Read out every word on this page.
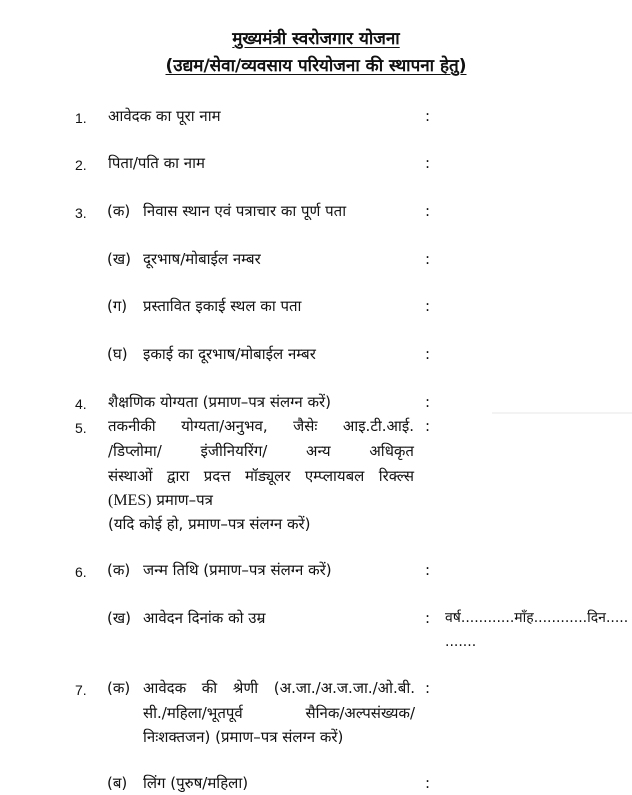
मुख्यमंत्री स्वरोजगार योजना
(उद्यम/सेवा/व्यवसाय परियोजना की स्थापना हेतु)
1. आवेदक का पूरा नाम	:
2. पिता/पति का नाम	:
3. (क) निवास स्थान एवं पत्राचार का पूर्ण पता	:
(ख) दूरभाष/मोबाईल नम्बर	:
(ग) प्रस्तावित इकाई स्थल का पता	:
(घ) इकाई का दूरभाष/मोबाईल नम्बर	:
4. शैक्षणिक योग्यता (प्रमाण–पत्र संलग्न करें)	:
5. तकनीकी योग्यता/अनुभव, जैसेः आइ.टी.आई. :
/डिप्लोमा/ इंजीनियरिंग/ अन्य अधिकृत
संस्थाओं द्वारा प्रदत्त मॉड्यूलर एम्प्लायबल रिक्ल्स
(MES) प्रमाण–पत्र
(यदि कोई हो, प्रमाण–पत्र संलग्न करें)
6. (क) जन्म तिथि (प्रमाण–पत्र संलग्न करें)	:
(ख) आवेदन दिनांक को उम्र	: वर्ष............माँह............दिन.....
.......
7. (क) आवेदक की श्रेणी (अ.जा./अ.ज.जा./ओ.बी. :
सी./महिला/भूतपूर्व सैनिक/अल्पसंख्यक/
निःशक्तजन) (प्रमाण–पत्र संलग्न करें)
(ब) लिंग (पुरुष/महिला)	:
